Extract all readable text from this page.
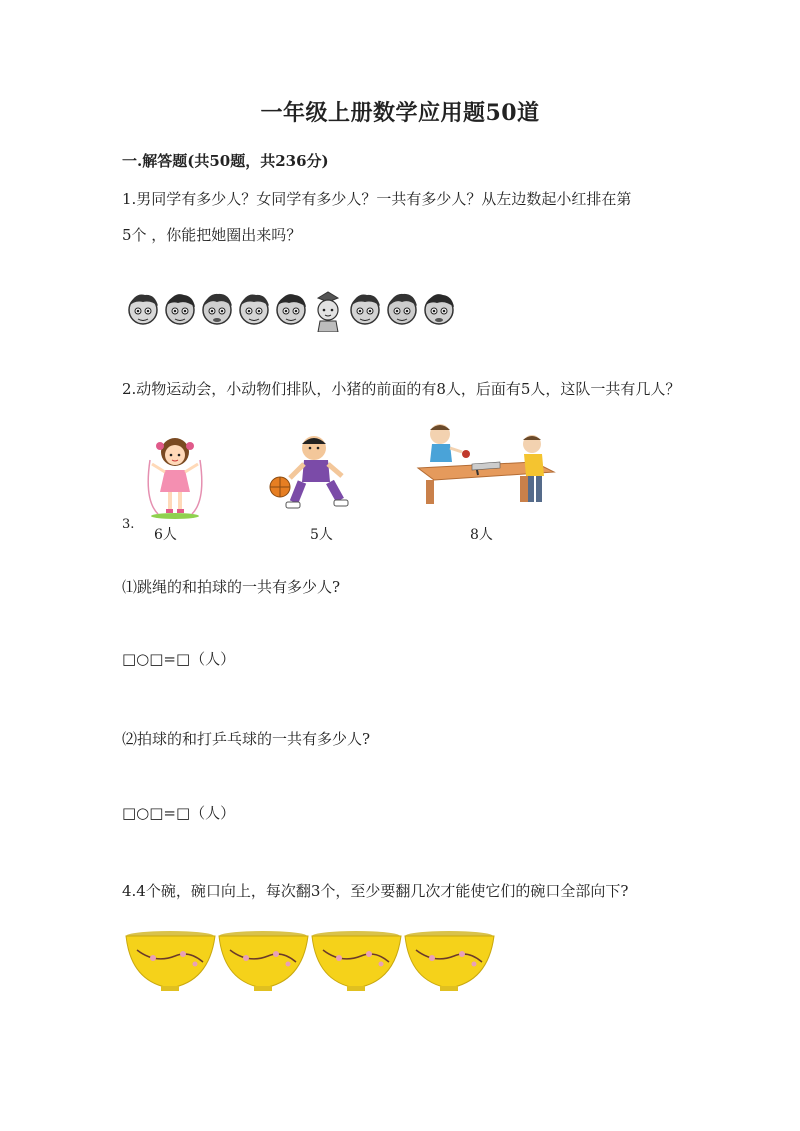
一年级上册数学应用题50道
一.解答题(共50题，共236分)
1.男同学有多少人？女同学有多少人？一共有多少人？从左边数起小红排在第
5个 ，你能把她圈出来吗？
2.动物运动会，小动物们排队，小猪的前面的有8人，后面有5人，这队一共有几人？
6人	5人	8人
3.
⑴跳绳的和拍球的一共有多少人?
□○□=□（人）
⑵拍球的和打乒乓球的一共有多少人?
□○□=□（人）
4.4个碗，碗口向上，每次翻3个，至少要翻几次才能使它们的碗口全部向下?
